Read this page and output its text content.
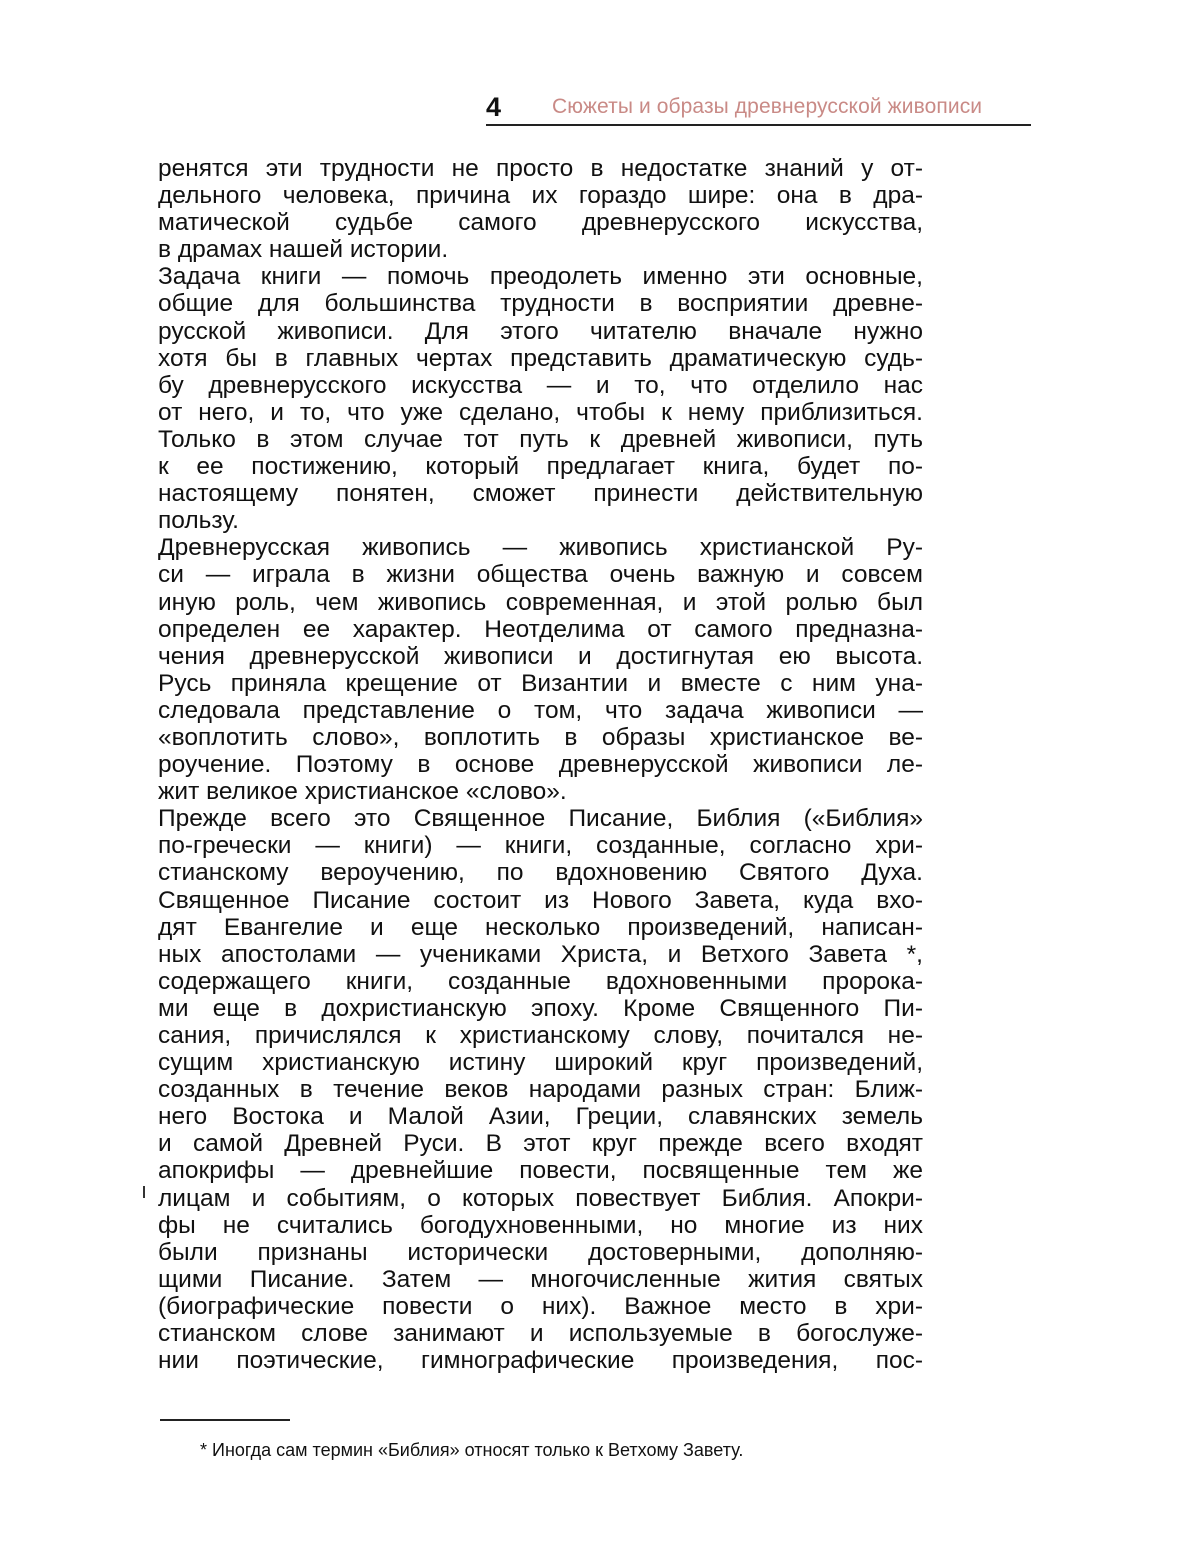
4 Сюжеты и образы древнерусской живописи
ренятся эти трудности не просто в недостатке знаний у от-
дельного человека, причина их гораздо шире: она в дра-
матической судьбе самого древнерусского искусства,
в драмах нашей истории.
Задача книги — помочь преодолеть именно эти основные,
общие для большинства трудности в восприятии древне-
русской живописи. Для этого читателю вначале нужно
хотя бы в главных чертах представить драматическую судь-
бу древнерусского искусства — и то, что отделило нас
от него, и то, что уже сделано, чтобы к нему приблизиться.
Только в этом случае тот путь к древней живописи, путь
к ее постижению, который предлагает книга, будет по-
настоящему понятен, сможет принести действительную
пользу.
Древнерусская живопись — живопись христианской Ру-
си — играла в жизни общества очень важную и совсем
иную роль, чем живопись современная, и этой ролью был
определен ее характер. Неотделима от самого предназна-
чения древнерусской живописи и достигнутая ею высота.
Русь приняла крещение от Византии и вместе с ним уна-
следовала представление о том, что задача живописи —
«воплотить слово», воплотить в образы христианское ве-
роучение. Поэтому в основе древнерусской живописи ле-
жит великое христианское «слово».
Прежде всего это Священное Писание, Библия («Библия»
по-гречески — книги) — книги, созданные, согласно хри-
стианскому вероучению, по вдохновению Святого Духа.
Священное Писание состоит из Нового Завета, куда вхо-
дят Евангелие и еще несколько произведений, написан-
ных апостолами — учениками Христа, и Ветхого Завета *,
содержащего книги, созданные вдохновенными пророка-
ми еще в дохристианскую эпоху. Кроме Священного Пи-
сания, причислялся к христианскому слову, почитался не-
сущим христианскую истину широкий круг произведений,
созданных в течение веков народами разных стран: Ближ-
него Востока и Малой Азии, Греции, славянских земель
и самой Древней Руси. В этот круг прежде всего входят
апокрифы — древнейшие повести, посвященные тем же
лицам и событиям, о которых повествует Библия. Апокри-
фы не считались богодухновенными, но многие из них
были признаны исторически достоверными, дополняю-
щими Писание. Затем — многочисленные жития святых
(биографические повести о них). Важное место в хри-
стианском слове занимают и используемые в богослуже-
нии поэтические, гимнографические произведения, пос-
* Иногда сам термин «Библия» относят только к Ветхому Завету.
